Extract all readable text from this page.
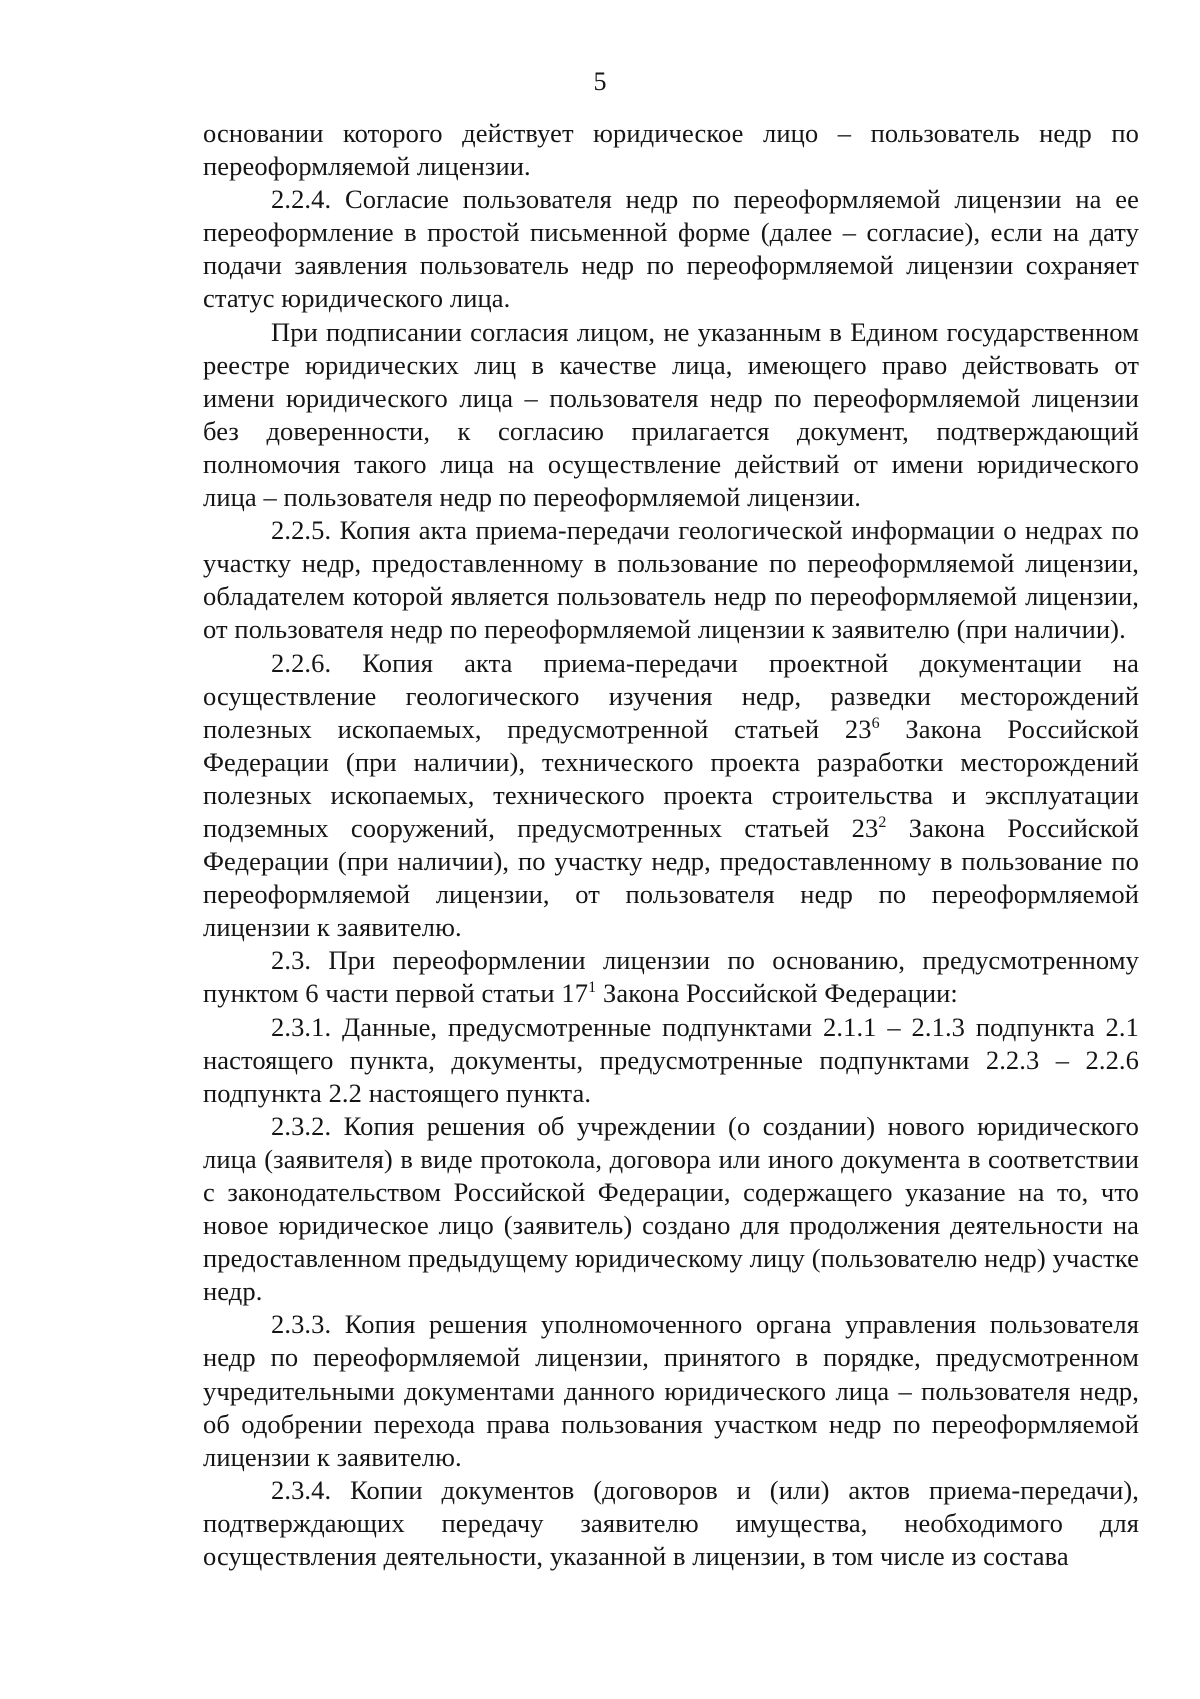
5

основании которого действует юридическое лицо – пользователь недр по переоформляемой лицензии.

2.2.4. Согласие пользователя недр по переоформляемой лицензии на ее переоформление в простой письменной форме (далее – согласие), если на дату подачи заявления пользователь недр по переоформляемой лицензии сохраняет статус юридического лица.

При подписании согласия лицом, не указанным в Едином государственном реестре юридических лиц в качестве лица, имеющего право действовать от имени юридического лица – пользователя недр по переоформляемой лицензии без доверенности, к согласию прилагается документ, подтверждающий полномочия такого лица на осуществление действий от имени юридического лица – пользователя недр по переоформляемой лицензии.

2.2.5. Копия акта приема-передачи геологической информации о недрах по участку недр, предоставленному в пользование по переоформляемой лицензии, обладателем которой является пользователь недр по переоформляемой лицензии, от пользователя недр по переоформляемой лицензии к заявителю (при наличии).

2.2.6. Копия акта приема-передачи проектной документации на осуществление геологического изучения недр, разведки месторождений полезных ископаемых, предусмотренной статьей $23^6$ Закона Российской Федерации (при наличии), технического проекта разработки месторождений полезных ископаемых, технического проекта строительства и эксплуатации подземных сооружений, предусмотренных статьей $23^2$ Закона Российской Федерации (при наличии), по участку недр, предоставленному в пользование по переоформляемой лицензии, от пользователя недр по переоформляемой лицензии к заявителю.

2.3. При переоформлении лицензии по основанию, предусмотренному пунктом 6 части первой статьи $17^1$ Закона Российской Федерации:

2.3.1. Данные, предусмотренные подпунктами 2.1.1 – 2.1.3 подпункта 2.1 настоящего пункта, документы, предусмотренные подпунктами 2.2.3 – 2.2.6 подпункта 2.2 настоящего пункта.

2.3.2. Копия решения об учреждении (о создании) нового юридического лица (заявителя) в виде протокола, договора или иного документа в соответствии с законодательством Российской Федерации, содержащего указание на то, что новое юридическое лицо (заявитель) создано для продолжения деятельности на предоставленном предыдущему юридическому лицу (пользователю недр) участке недр.

2.3.3. Копия решения уполномоченного органа управления пользователя недр по переоформляемой лицензии, принятого в порядке, предусмотренном учредительными документами данного юридического лица – пользователя недр, об одобрении перехода права пользования участком недр по переоформляемой лицензии к заявителю.

2.3.4. Копии документов (договоров и (или) актов приема-передачи), подтверждающих передачу заявителю имущества, необходимого для осуществления деятельности, указанной в лицензии, в том числе из состава
